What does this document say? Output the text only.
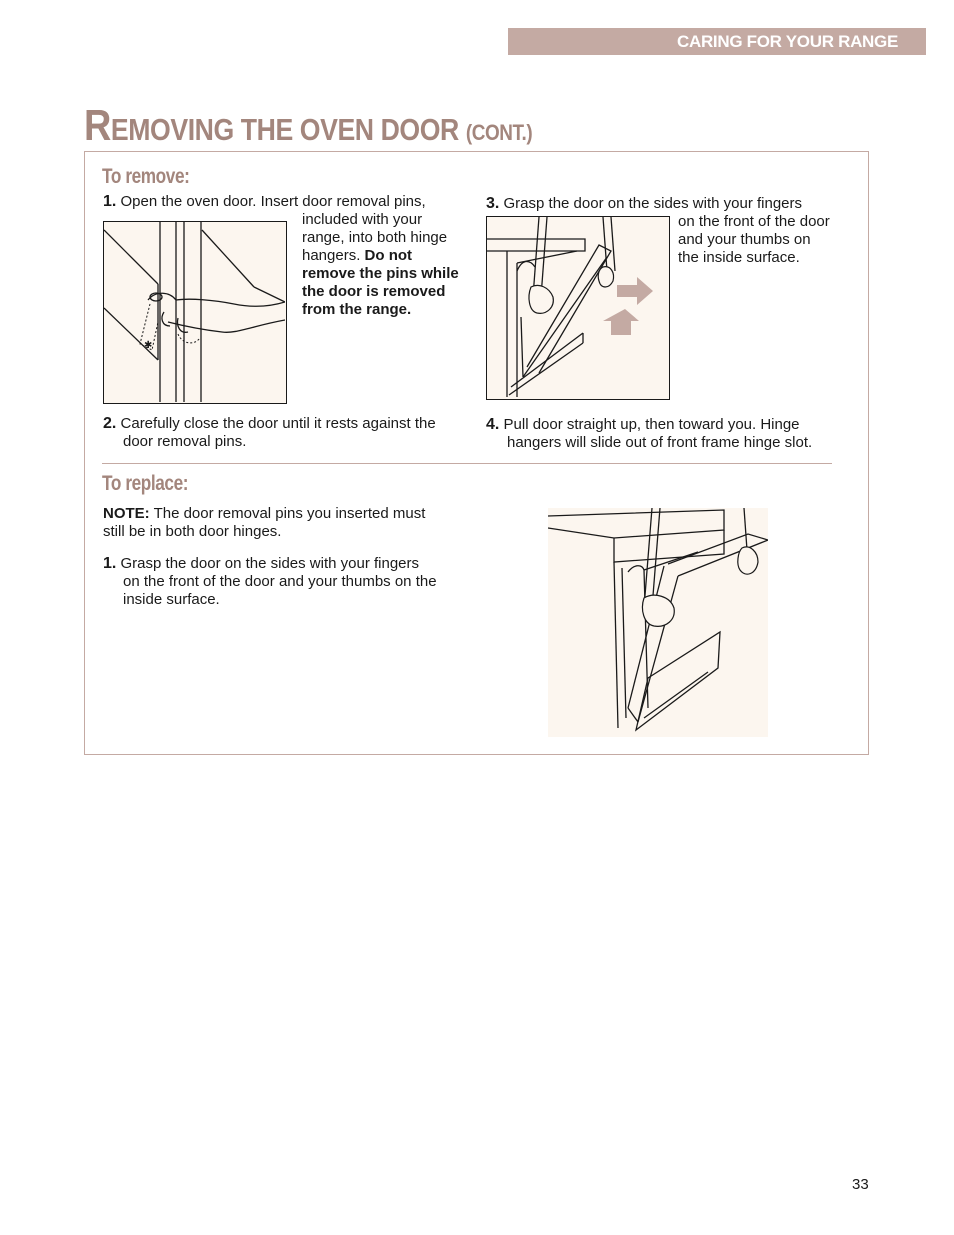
CARING FOR YOUR RANGE
REMOVING THE OVEN DOOR (CONT.)
To remove:
1. Open the oven door. Insert door removal pins,
included with your
range, into both hinge
hangers. Do not
remove the pins while
the door is removed
from the range.
✱
2. Carefully close the door until it rests against the
door removal pins.
3. Grasp the door on the sides with your fingers
on the front of the door
and your thumbs on
the inside surface.
4. Pull door straight up, then toward you. Hinge
hangers will slide out of front frame hinge slot.
To replace:
NOTE: The door removal pins you inserted must
still be in both door hinges.
1. Grasp the door on the sides with your fingers
on the front of the door and your thumbs on the
inside surface.
33
